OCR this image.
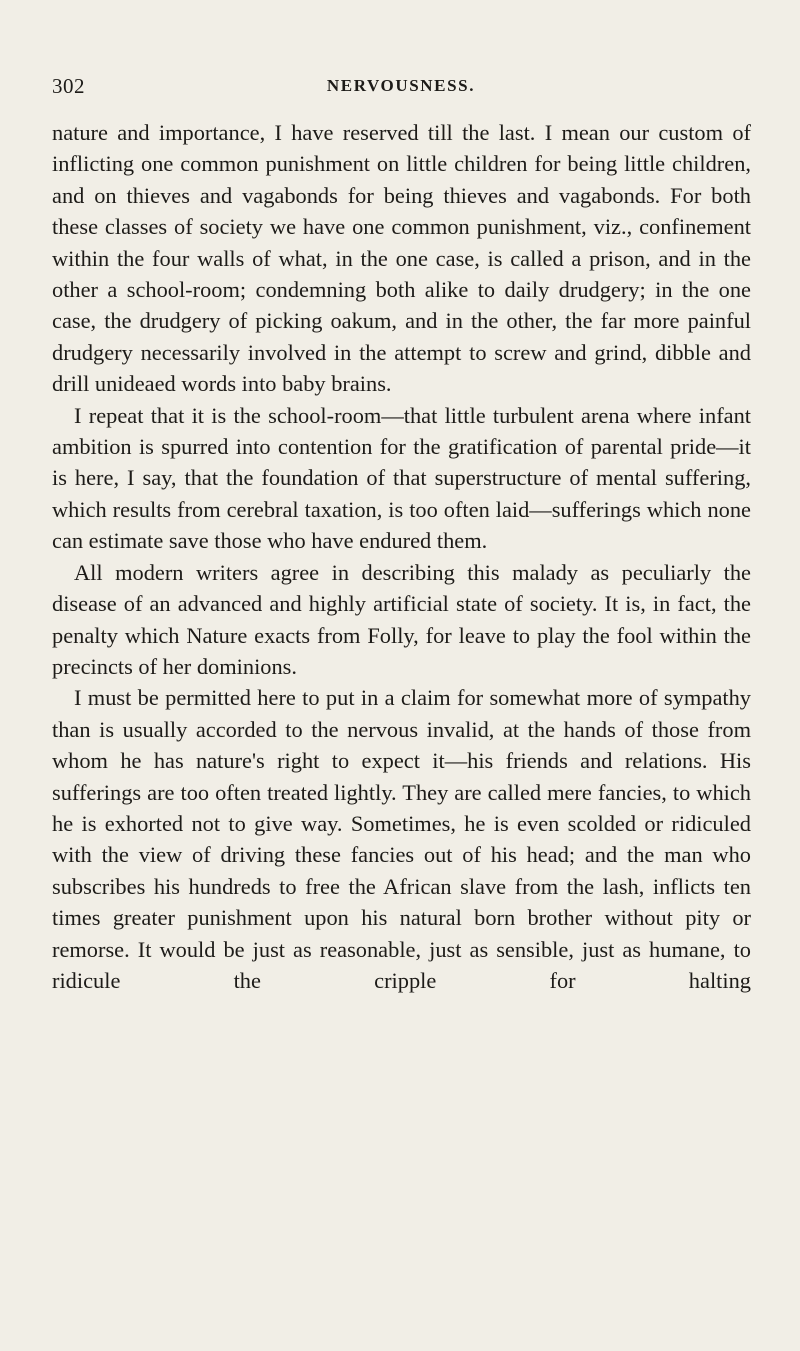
302	NERVOUSNESS.

nature and importance, I have reserved till the last. I mean our custom of inflicting one common punishment on little children for being little children, and on thieves and vagabonds for being thieves and vagabonds. For both these classes of society we have one common punishment, viz., confinement within the four walls of what, in the one case, is called a prison, and in the other a school-room; condemning both alike to daily drudgery; in the one case, the drudgery of picking oakum, and in the other, the far more painful drudgery necessarily involved in the attempt to screw and grind, dibble and drill unideaed words into baby brains.

I repeat that it is the school-room—that little turbulent arena where infant ambition is spurred into contention for the gratification of parental pride—it is here, I say, that the foundation of that superstructure of mental suffering, which results from cerebral taxation, is too often laid—sufferings which none can estimate save those who have endured them.

All modern writers agree in describing this malady as peculiarly the disease of an advanced and highly artificial state of society. It is, in fact, the penalty which Nature exacts from Folly, for leave to play the fool within the precincts of her dominions.

I must be permitted here to put in a claim for somewhat more of sympathy than is usually accorded to the nervous invalid, at the hands of those from whom he has nature's right to expect it—his friends and relations. His sufferings are too often treated lightly. They are called mere fancies, to which he is exhorted not to give way. Sometimes, he is even scolded or ridiculed with the view of driving these fancies out of his head; and the man who subscribes his hundreds to free the African slave from the lash, inflicts ten times greater punishment upon his natural born brother without pity or remorse. It would be just as reasonable, just as sensible, just as humane, to ridicule the cripple for halting
